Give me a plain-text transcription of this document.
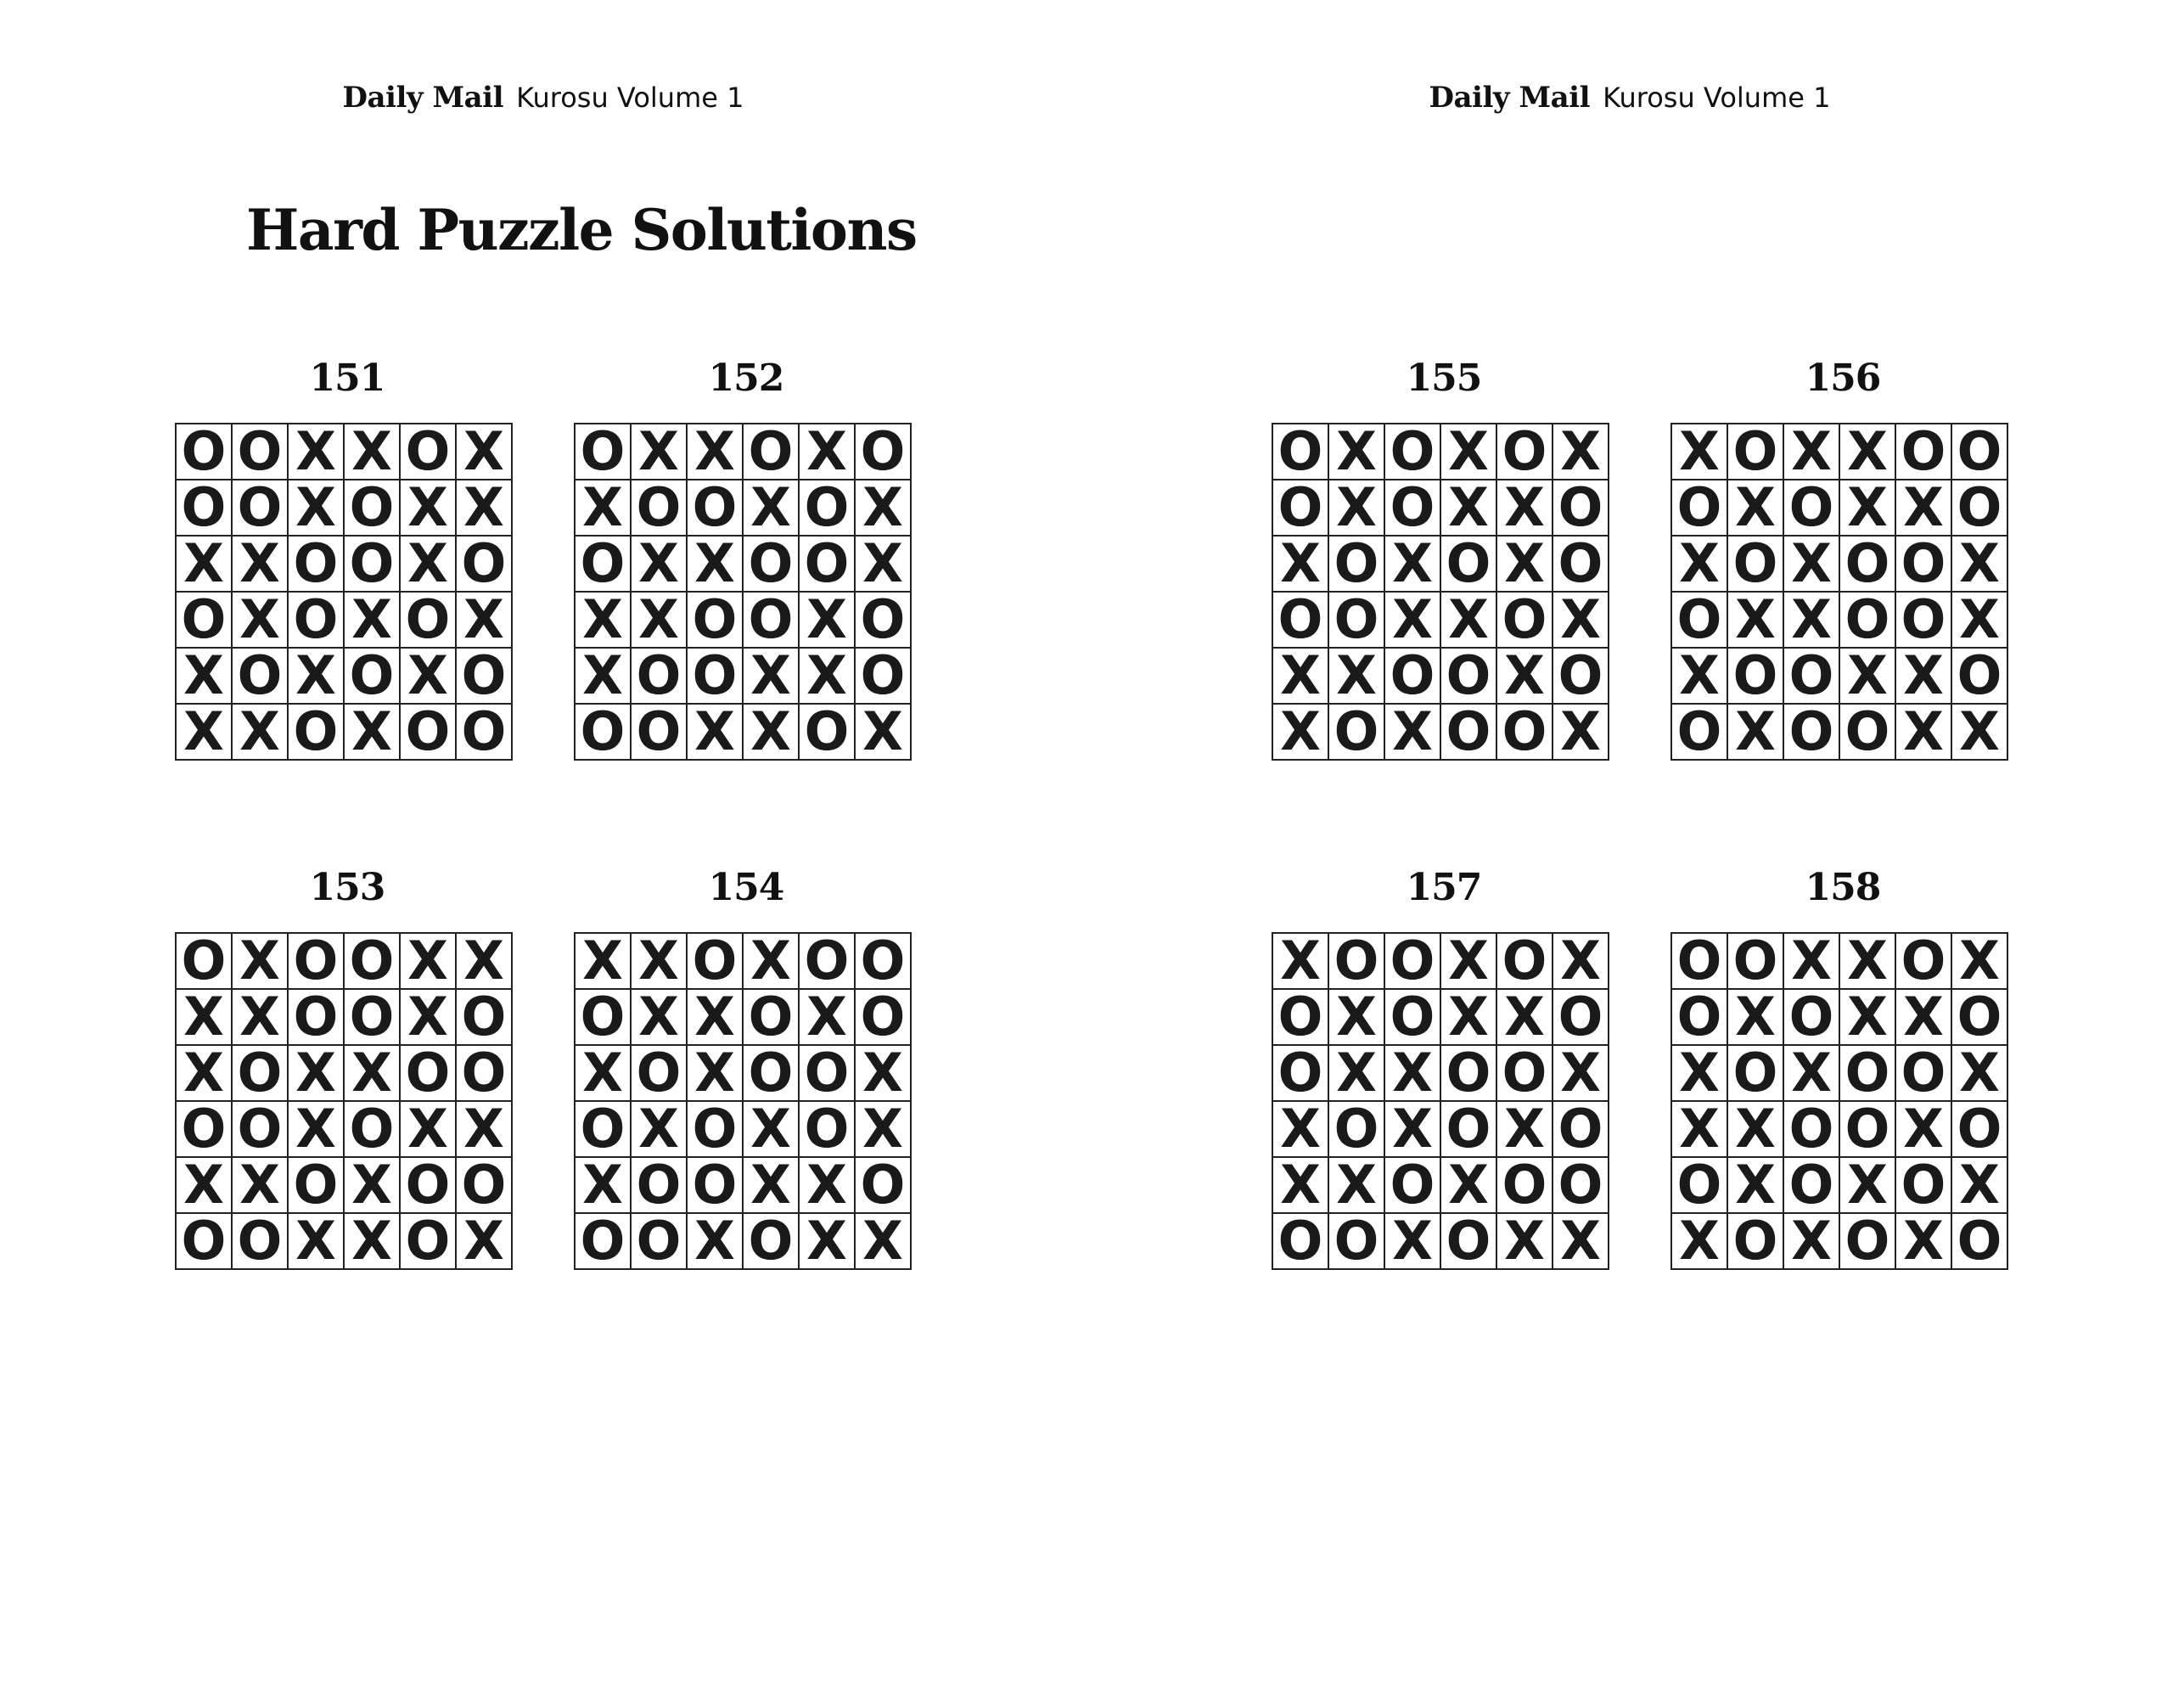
Daily Mail Kurosu Volume 1
Hard Puzzle Solutions
151
O O X X O X
O O X O X X
X X O O X O
O X O X O X
X O X O X O
X X O X O O
152
O X X O X O
X O O X O X
O X X O O X
X X O O X O
X O O X X O
O O X X O X
153
O X O O X X
X X O O X O
X O X X O O
O O X O X X
X X O X O O
O O X X O X
154
X X O X O O
O X X O X O
X O X O O X
O X O X O X
X O O X X O
O O X O X X
Daily Mail Kurosu Volume 1
155
O X O X O X
O X O X X O
X O X O X O
O O X X O X
X X O O X O
X O X O O X
156
X O X X O O
O X O X X O
X O X O O X
O X X O O X
X O O X X O
O X O O X X
157
X O O X O X
O X O X X O
O X X O O X
X O X O X O
X X O X O O
O O X O X X
158
O O X X O X
O X O X X O
X O X O O X
X X O O X O
O X O X O X
X O X O X O
